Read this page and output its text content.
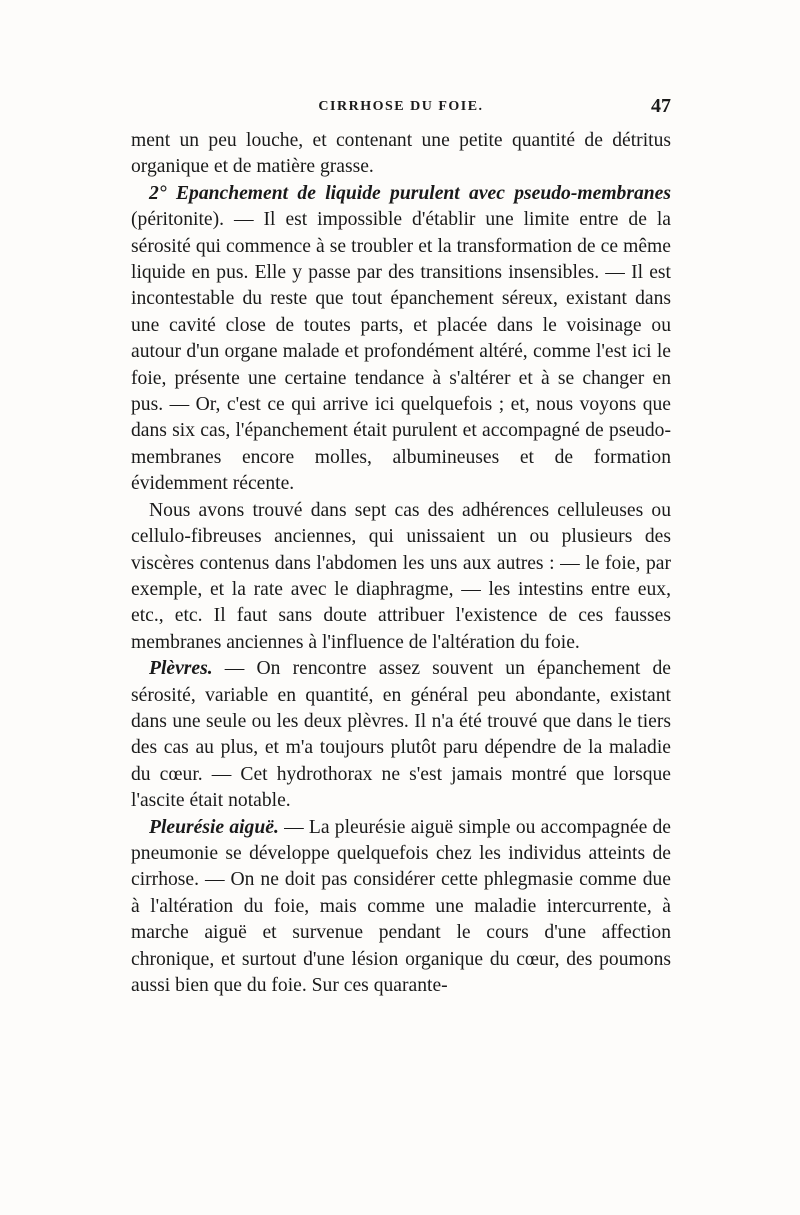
CIRRHOSE DU FOIE.	47

ment un peu louche, et contenant une petite quantité de détritus organique et de matière grasse.

2° Epanchement de liquide purulent avec pseudo-membranes (péritonite). — Il est impossible d'établir une limite entre de la sérosité qui commence à se troubler et la transformation de ce même liquide en pus. Elle y passe par des transitions insensibles. — Il est incontestable du reste que tout épanchement séreux, existant dans une cavité close de toutes parts, et placée dans le voisinage ou autour d'un organe malade et profondément altéré, comme l'est ici le foie, présente une certaine tendance à s'altérer et à se changer en pus. — Or, c'est ce qui arrive ici quelquefois ; et, nous voyons que dans six cas, l'épanchement était purulent et accompagné de pseudo-membranes encore molles, albumineuses et de formation évidemment récente.

Nous avons trouvé dans sept cas des adhérences celluleuses ou cellulo-fibreuses anciennes, qui unissaient un ou plusieurs des viscères contenus dans l'abdomen les uns aux autres : — le foie, par exemple, et la rate avec le diaphragme, — les intestins entre eux, etc., etc. Il faut sans doute attribuer l'existence de ces fausses membranes anciennes à l'influence de l'altération du foie.

Plèvres. — On rencontre assez souvent un épanchement de sérosité, variable en quantité, en général peu abondante, existant dans une seule ou les deux plèvres. Il n'a été trouvé que dans le tiers des cas au plus, et m'a toujours plutôt paru dépendre de la maladie du cœur. — Cet hydrothorax ne s'est jamais montré que lorsque l'ascite était notable.

Pleurésie aiguë. — La pleurésie aiguë simple ou accompagnée de pneumonie se développe quelquefois chez les individus atteints de cirrhose. — On ne doit pas considérer cette phlegmasie comme due à l'altération du foie, mais comme une maladie intercurrente, à marche aiguë et survenue pendant le cours d'une affection chronique, et surtout d'une lésion organique du cœur, des poumons aussi bien que du foie. Sur ces quarante-
